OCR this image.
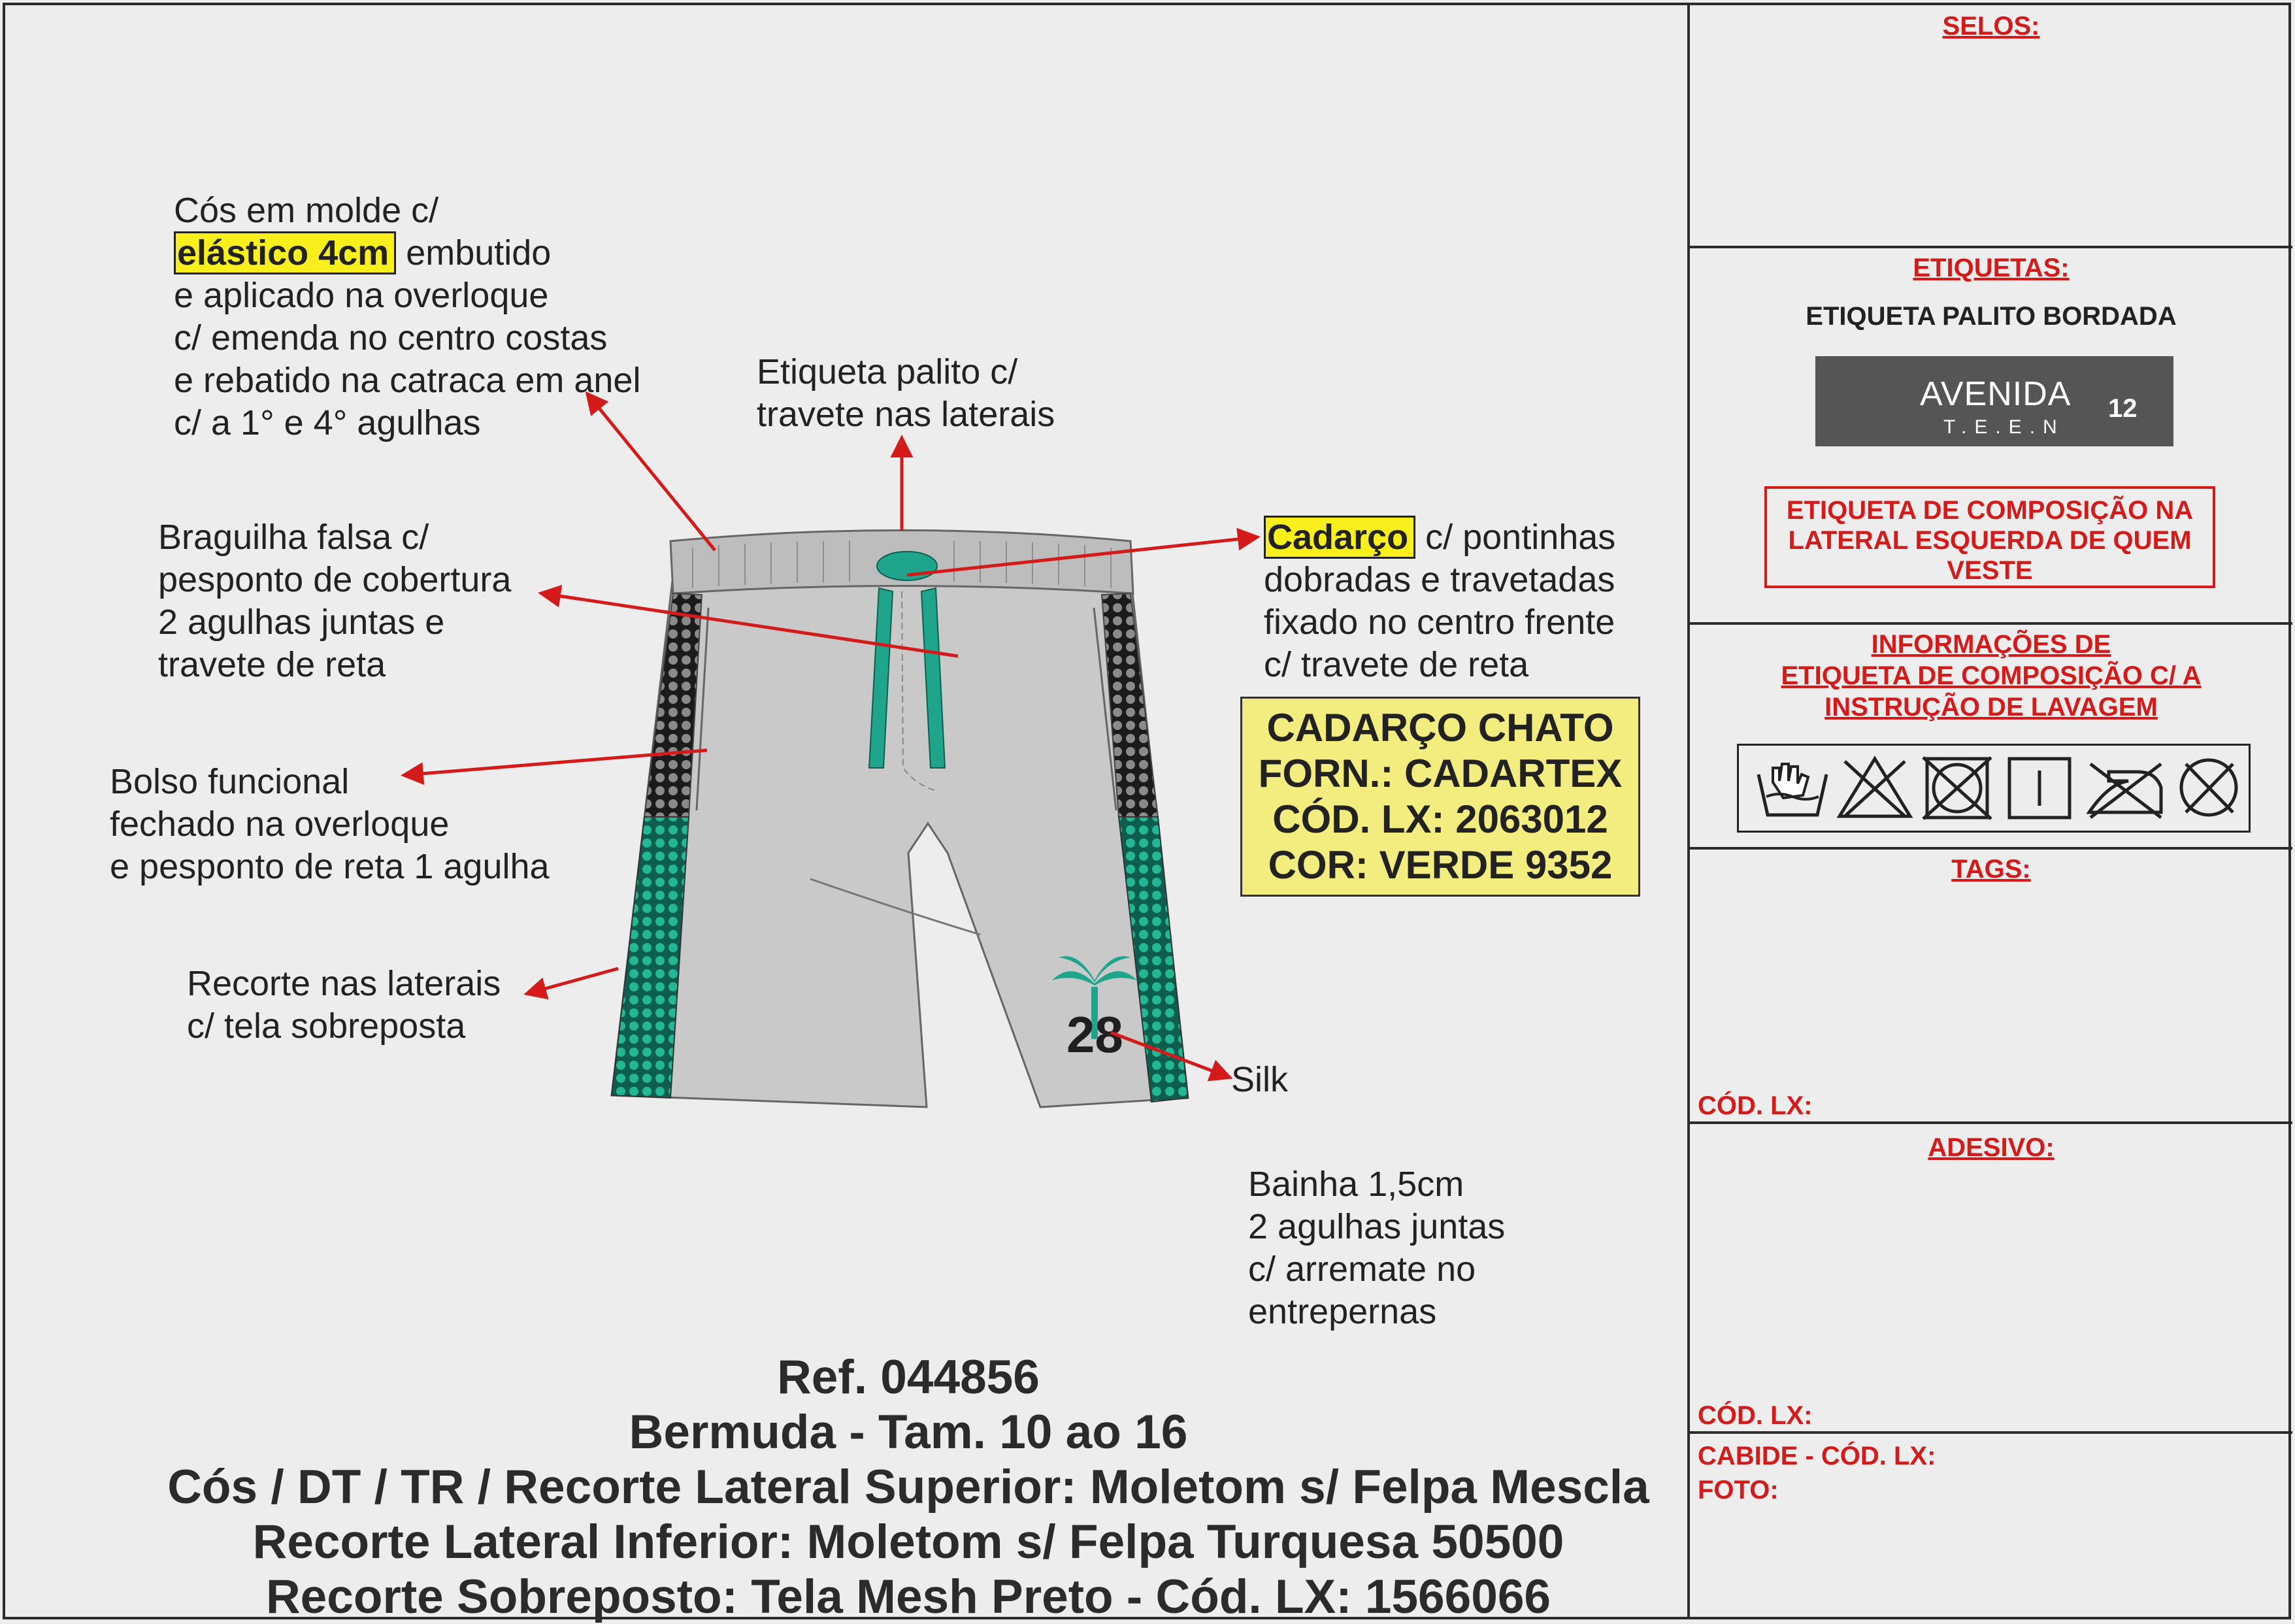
28
Cós em molde c/
elástico 4cm embutido
e aplicado na overloque
c/ emenda no centro costas
e rebatido na catraca em anel
c/ a 1° e 4° agulhas
Etiqueta palito c/
travete nas laterais
Braguilha falsa c/
pesponto de cobertura
2 agulhas juntas e
travete de reta
Cadarço c/ pontinhas
dobradas e travetadas
fixado no centro frente
c/ travete de reta
CADARÇO CHATO
FORN.: CADARTEX
CÓD. LX: 2063012
COR: VERDE 9352
Bolso funcional
fechado na overloque
e pesponto de reta 1 agulha
Recorte nas laterais
c/ tela sobreposta
Silk
Bainha 1,5cm
2 agulhas juntas
c/ arremate no
entrepernas
Ref. 044856
Bermuda - Tam. 10 ao 16
Cós / DT / TR / Recorte Lateral Superior: Moletom s/ Felpa Mescla
Recorte Lateral Inferior: Moletom s/ Felpa Turquesa 50500
Recorte Sobreposto: Tela Mesh Preto - Cód. LX: 1566066
SELOS:
ETIQUETAS:
ETIQUETA PALITO BORDADA
AVENIDA
T.E.E.N
12
ETIQUETA DE COMPOSIÇÃO NA
LATERAL ESQUERDA DE QUEM
VESTE
INFORMAÇÕES DE
ETIQUETA DE COMPOSIÇÃO C/ A
INSTRUÇÃO DE LAVAGEM
TAGS:
CÓD. LX:
ADESIVO:
CÓD. LX:
CABIDE - CÓD. LX:
FOTO:
